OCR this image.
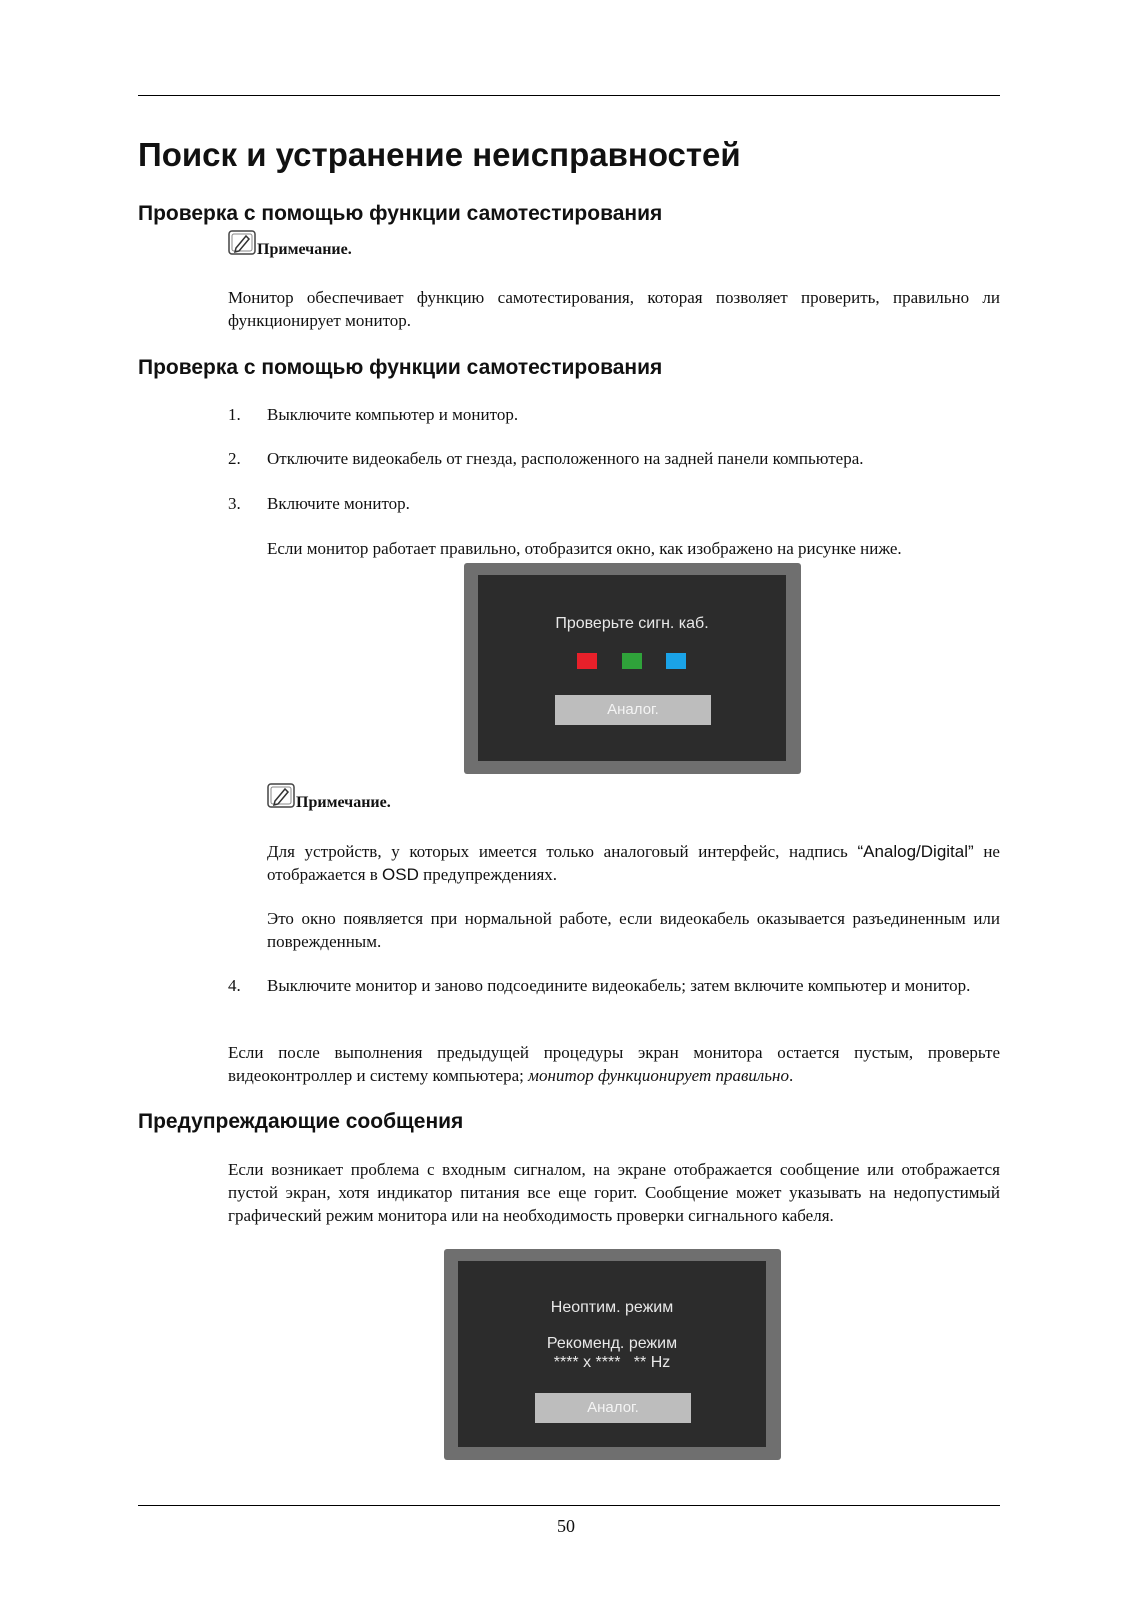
Поиск и устранение неисправностей
Проверка с помощью функции самотестирования
Примечание.
Монитор обеспечивает функцию самотестирования, которая позволяет проверить, правильно ли функционирует монитор.
Проверка с помощью функции самотестирования
1. Выключите компьютер и монитор.
2. Отключите видеокабель от гнезда, расположенного на задней панели компьютера.
3. Включите монитор.
Если монитор работает правильно, отобразится окно, как изображено на рисунке ниже.
Проверьте сигн. каб.
Аналог.
Примечание.
Для устройств, у которых имеется только аналоговый интерфейс, надпись “Analog/Digital” не отображается в OSD предупреждениях.
Это окно появляется при нормальной работе, если видеокабель оказывается разъединенным или поврежденным.
4. Выключите монитор и заново подсоедините видеокабель; затем включите компьютер и монитор.
Если после выполнения предыдущей процедуры экран монитора остается пустым, проверьте видеоконтроллер и систему компьютера; монитор функционирует правильно.
Предупреждающие сообщения
Если возникает проблема с входным сигналом, на экране отображается сообщение или отображается пустой экран, хотя индикатор питания все еще горит. Сообщение может указывать на недопустимый графический режим монитора или на необходимость проверки сигнального кабеля.
Неоптим. режим
Рекоменд. режим
**** x ****   ** Hz
Аналог.
50
